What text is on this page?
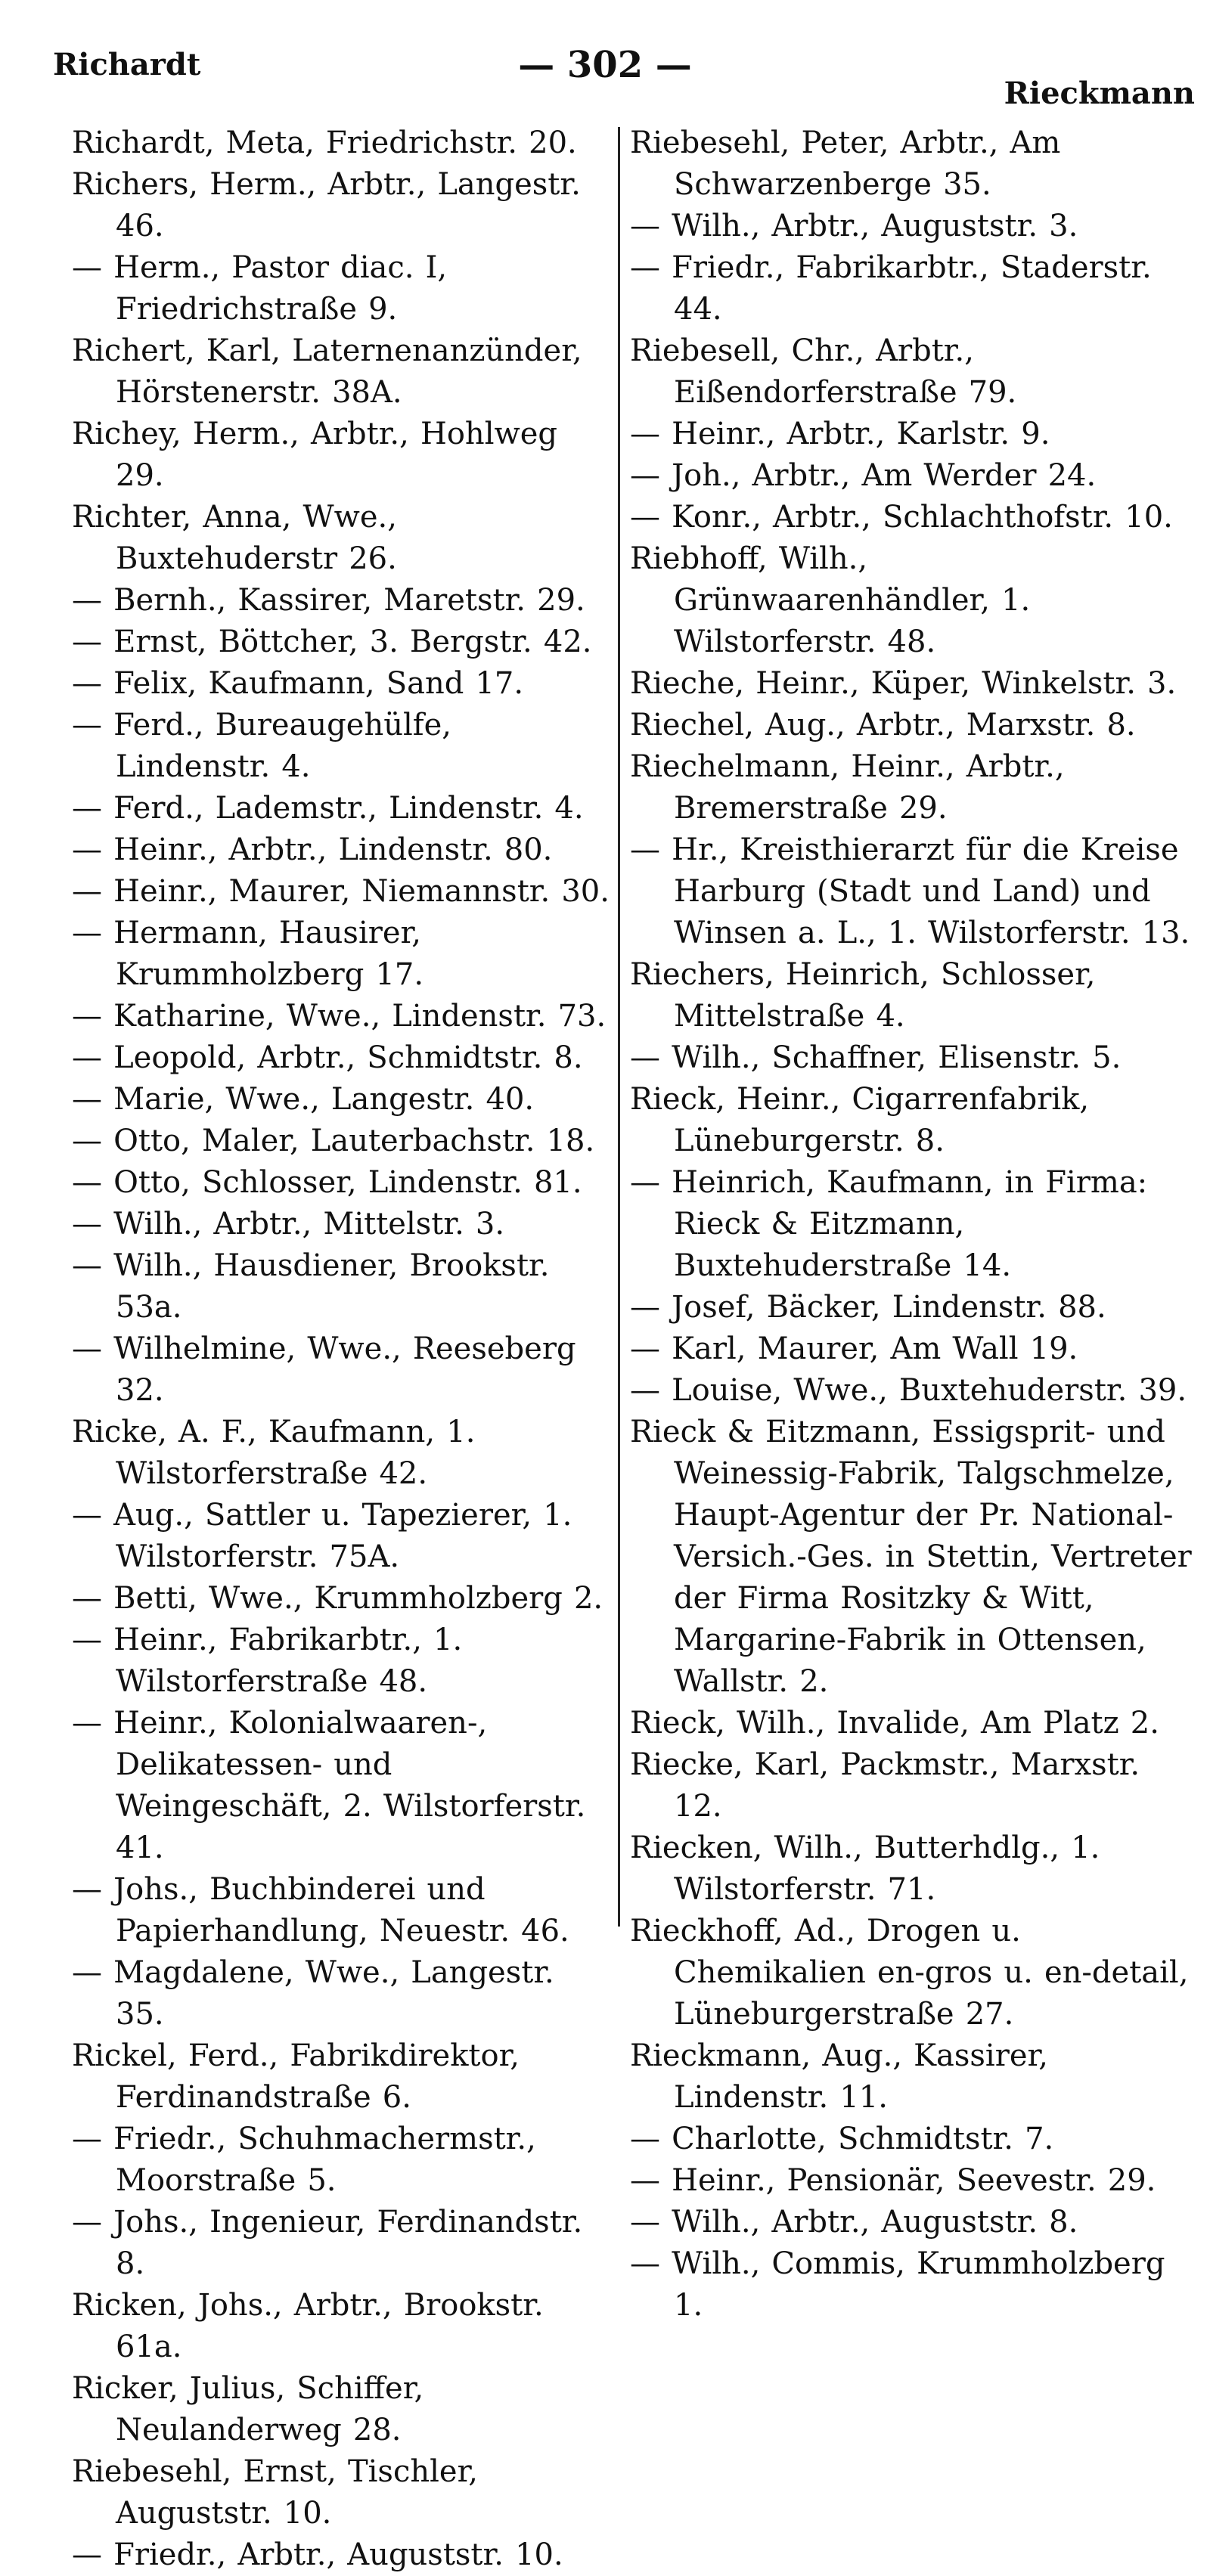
Richardt	— 302 —
Rieckmann
Richardt, Meta, Friedrichstr. 20.
Richers, Herm., Arbtr., Langestr. 46.
— Herm., Pastor diac. I, Friedrichstraße 9.
Richert, Karl, Laternenanzünder, Hörstenerstr. 38A.
Richey, Herm., Arbtr., Hohlweg 29.
Richter, Anna, Wwe., Buxtehuderstr 26.
— Bernh., Kassirer, Maretstr. 29.
— Ernst, Böttcher, 3. Bergstr. 42.
— Felix, Kaufmann, Sand 17.
— Ferd., Bureaugehülfe, Lindenstr. 4.
— Ferd., Lademstr., Lindenstr. 4.
— Heinr., Arbtr., Lindenstr. 80.
— Heinr., Maurer, Niemannstr. 30.
— Hermann, Hausirer, Krummholzberg 17.
— Katharine, Wwe., Lindenstr. 73.
— Leopold, Arbtr., Schmidtstr. 8.
— Marie, Wwe., Langestr. 40.
— Otto, Maler, Lauterbachstr. 18.
— Otto, Schlosser, Lindenstr. 81.
— Wilh., Arbtr., Mittelstr. 3.
— Wilh., Hausdiener, Brookstr. 53a.
— Wilhelmine, Wwe., Reeseberg 32.
Ricke, A. F., Kaufmann, 1. Wilstorferstraße 42.
— Aug., Sattler u. Tapezierer, 1. Wilstorferstr. 75A.
— Betti, Wwe., Krummholzberg 2.
— Heinr., Fabrikarbtr., 1. Wilstorferstraße 48.
— Heinr., Kolonialwaaren-, Delikatessen- und Weingeschäft, 2. Wilstorferstr. 41.
— Johs., Buchbinderei und Papierhandlung, Neuestr. 46.
— Magdalene, Wwe., Langestr. 35.
Rickel, Ferd., Fabrikdirektor, Ferdinandstraße 6.
— Friedr., Schuhmachermstr., Moorstraße 5.
— Johs., Ingenieur, Ferdinandstr. 8.
Ricken, Johs., Arbtr., Brookstr. 61a.
Ricker, Julius, Schiffer, Neulanderweg 28.
Riebesehl, Ernst, Tischler, Auguststr. 10.
— Friedr., Arbtr., Auguststr. 10.
Riebesehl, Peter, Arbtr., Am Schwarzenberge 35.
— Wilh., Arbtr., Auguststr. 3.
— Friedr., Fabrikarbtr., Staderstr. 44.
Riebesell, Chr., Arbtr., Eißendorferstraße 79.
— Heinr., Arbtr., Karlstr. 9.
— Joh., Arbtr., Am Werder 24.
— Konr., Arbtr., Schlachthofstr. 10.
Riebhoff, Wilh., Grünwaarenhändler, 1. Wilstorferstr. 48.
Rieche, Heinr., Küper, Winkelstr. 3.
Riechel, Aug., Arbtr., Marxstr. 8.
Riechelmann, Heinr., Arbtr., Bremerstraße 29.
— Hr., Kreisthierarzt für die Kreise Harburg (Stadt und Land) und Winsen a. L., 1. Wilstorferstr. 13.
Riechers, Heinrich, Schlosser, Mittelstraße 4.
— Wilh., Schaffner, Elisenstr. 5.
Rieck, Heinr., Cigarrenfabrik, Lüneburgerstr. 8.
— Heinrich, Kaufmann, in Firma: Rieck & Eitzmann, Buxtehuderstraße 14.
— Josef, Bäcker, Lindenstr. 88.
— Karl, Maurer, Am Wall 19.
— Louise, Wwe., Buxtehuderstr. 39.
Rieck & Eitzmann, Essigsprit- und Weinessig-Fabrik, Talgschmelze, Haupt-Agentur der Pr. National-Versich.-Ges. in Stettin, Vertreter der Firma Rositzky & Witt, Margarine-Fabrik in Ottensen, Wallstr. 2.
Rieck, Wilh., Invalide, Am Platz 2.
Riecke, Karl, Packmstr., Marxstr. 12.
Riecken, Wilh., Butterhdlg., 1. Wilstorferstr. 71.
Rieckhoff, Ad., Drogen u. Chemikalien en-gros u. en-detail, Lüneburgerstraße 27.
Rieckmann, Aug., Kassirer, Lindenstr. 11.
— Charlotte, Schmidtstr. 7.
— Heinr., Pensionär, Seevestr. 29.
— Wilh., Arbtr., Auguststr. 8.
— Wilh., Commis, Krummholzberg 1.
